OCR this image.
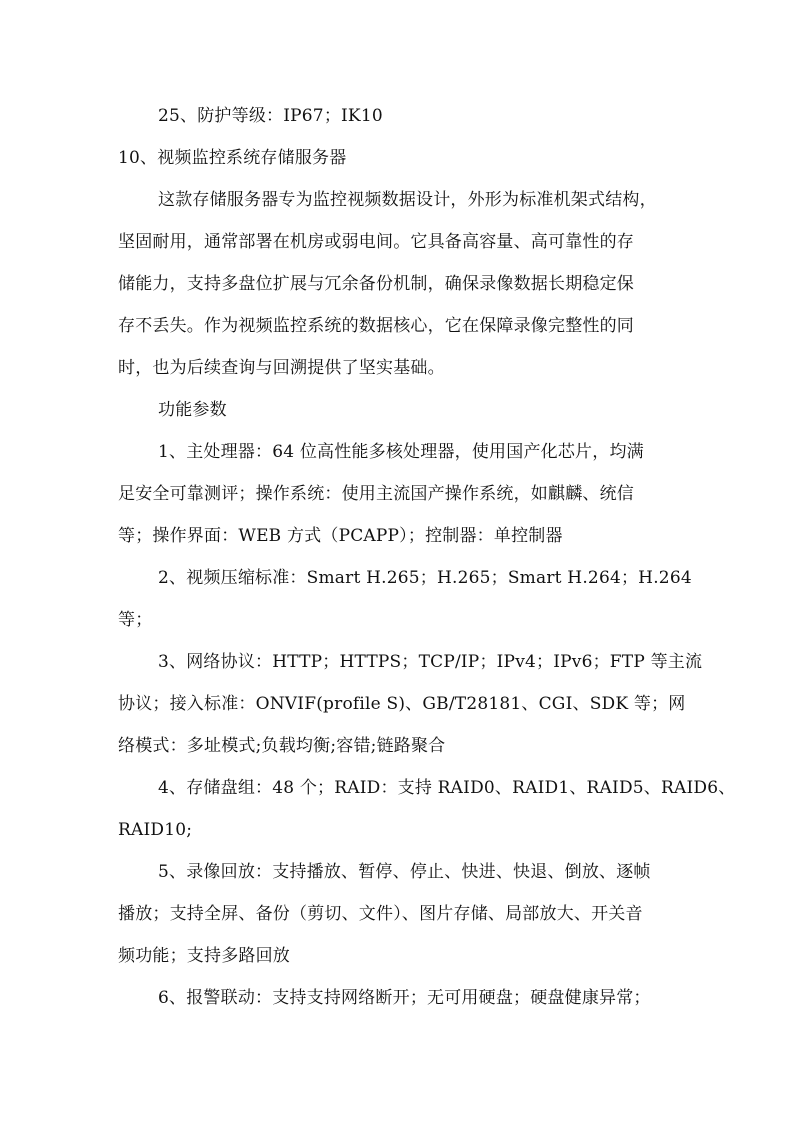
25、防护等级：IP67；IK10
10、视频监控系统存储服务器
这款存储服务器专为监控视频数据设计，外形为标准机架式结构，
坚固耐用，通常部署在机房或弱电间。它具备高容量、高可靠性的存
储能力，支持多盘位扩展与冗余备份机制，确保录像数据长期稳定保
存不丢失。作为视频监控系统的数据核心，它在保障录像完整性的同
时，也为后续查询与回溯提供了坚实基础。
功能参数
1、主处理器：64 位高性能多核处理器，使用国产化芯片，均满
足安全可靠测评；操作系统：使用主流国产操作系统，如麒麟、统信
等；操作界面：WEB 方式（PCAPP）；控制器：单控制器
2、视频压缩标准：Smart H.265；H.265；Smart H.264；H.264
等；
3、网络协议：HTTP；HTTPS；TCP/IP；IPv4；IPv6；FTP 等主流
协议；接入标准：ONVIF(profile S)、GB/T28181、CGI、SDK 等；网
络模式：多址模式;负载均衡;容错;链路聚合
4、存储盘组：48 个；RAID：支持 RAID0、RAID1、RAID5、RAID6、
RAID10;
5、录像回放：支持播放、暂停、停止、快进、快退、倒放、逐帧
播放；支持全屏、备份（剪切、文件）、图片存储、局部放大、开关音
频功能；支持多路回放
6、报警联动：支持支持网络断开；无可用硬盘；硬盘健康异常；
